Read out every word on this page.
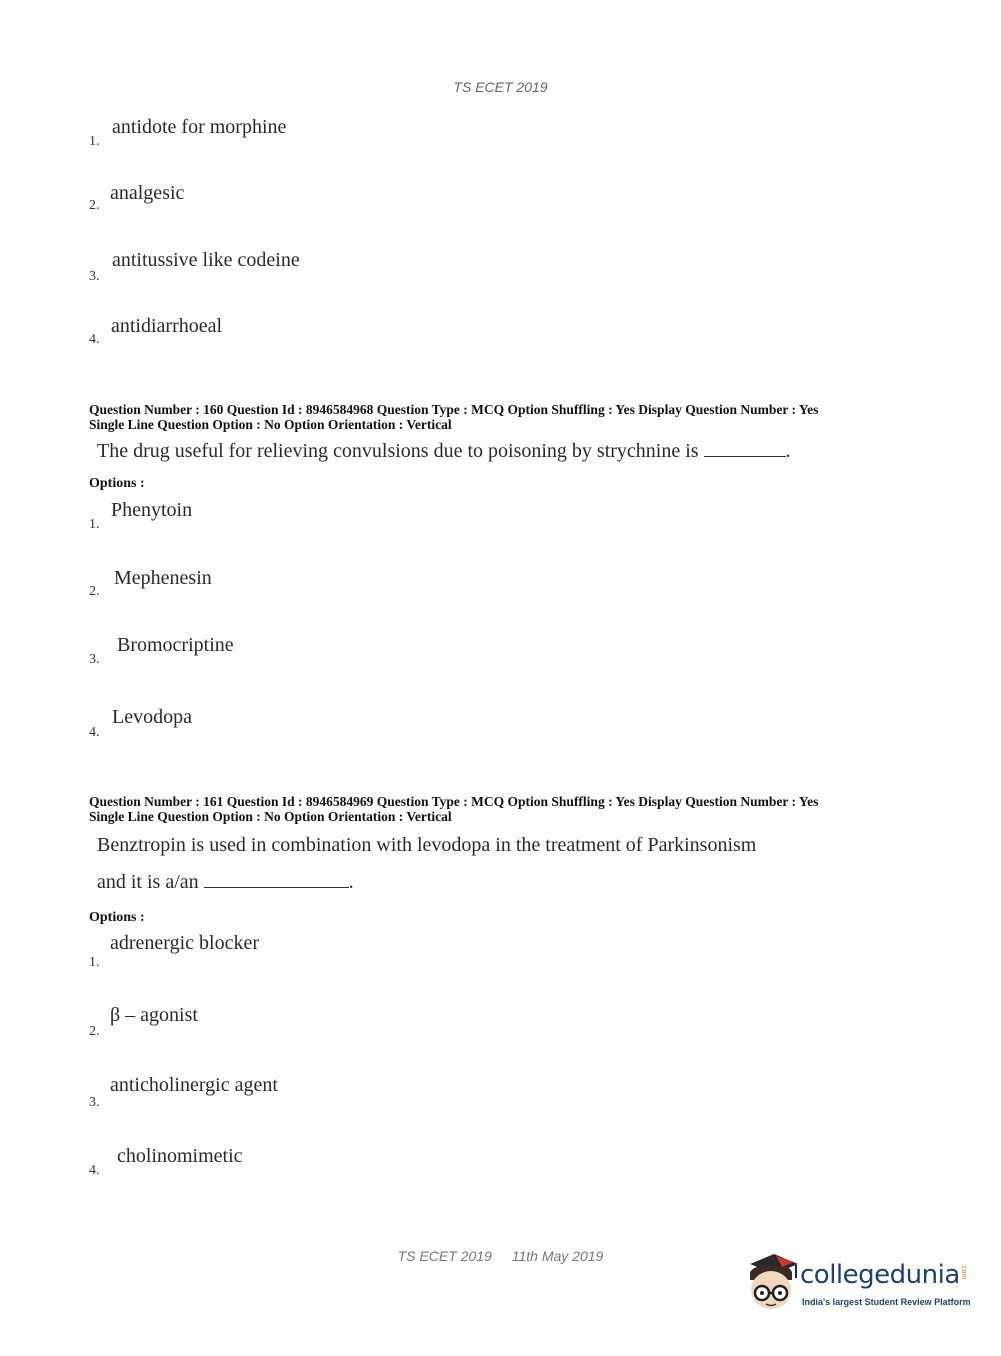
TS ECET 2019
1.
antidote for morphine
2.
analgesic
3.
antitussive like codeine
4.
antidiarrhoeal
Question Number : 160 Question Id : 8946584968 Question Type : MCQ Option Shuffling : Yes Display Question Number : Yes
Single Line Question Option : No Option Orientation : Vertical
The drug useful for relieving convulsions due to poisoning by strychnine is	.
Options :
1.
Phenytoin
2.
Mephenesin
3.
Bromocriptine
4.
Levodopa
Question Number : 161 Question Id : 8946584969 Question Type : MCQ Option Shuffling : Yes Display Question Number : Yes
Single Line Question Option : No Option Orientation : Vertical
Benztropin is used in combination with levodopa in the treatment of Parkinsonism
and it is a/an	.
Options :
1.
adrenergic blocker
2.
β – agonist
3.
anticholinergic agent
4.
cholinomimetic
TS ECET 2019 11th May 2019
collegedunia .com
India's largest Student Review Platform
